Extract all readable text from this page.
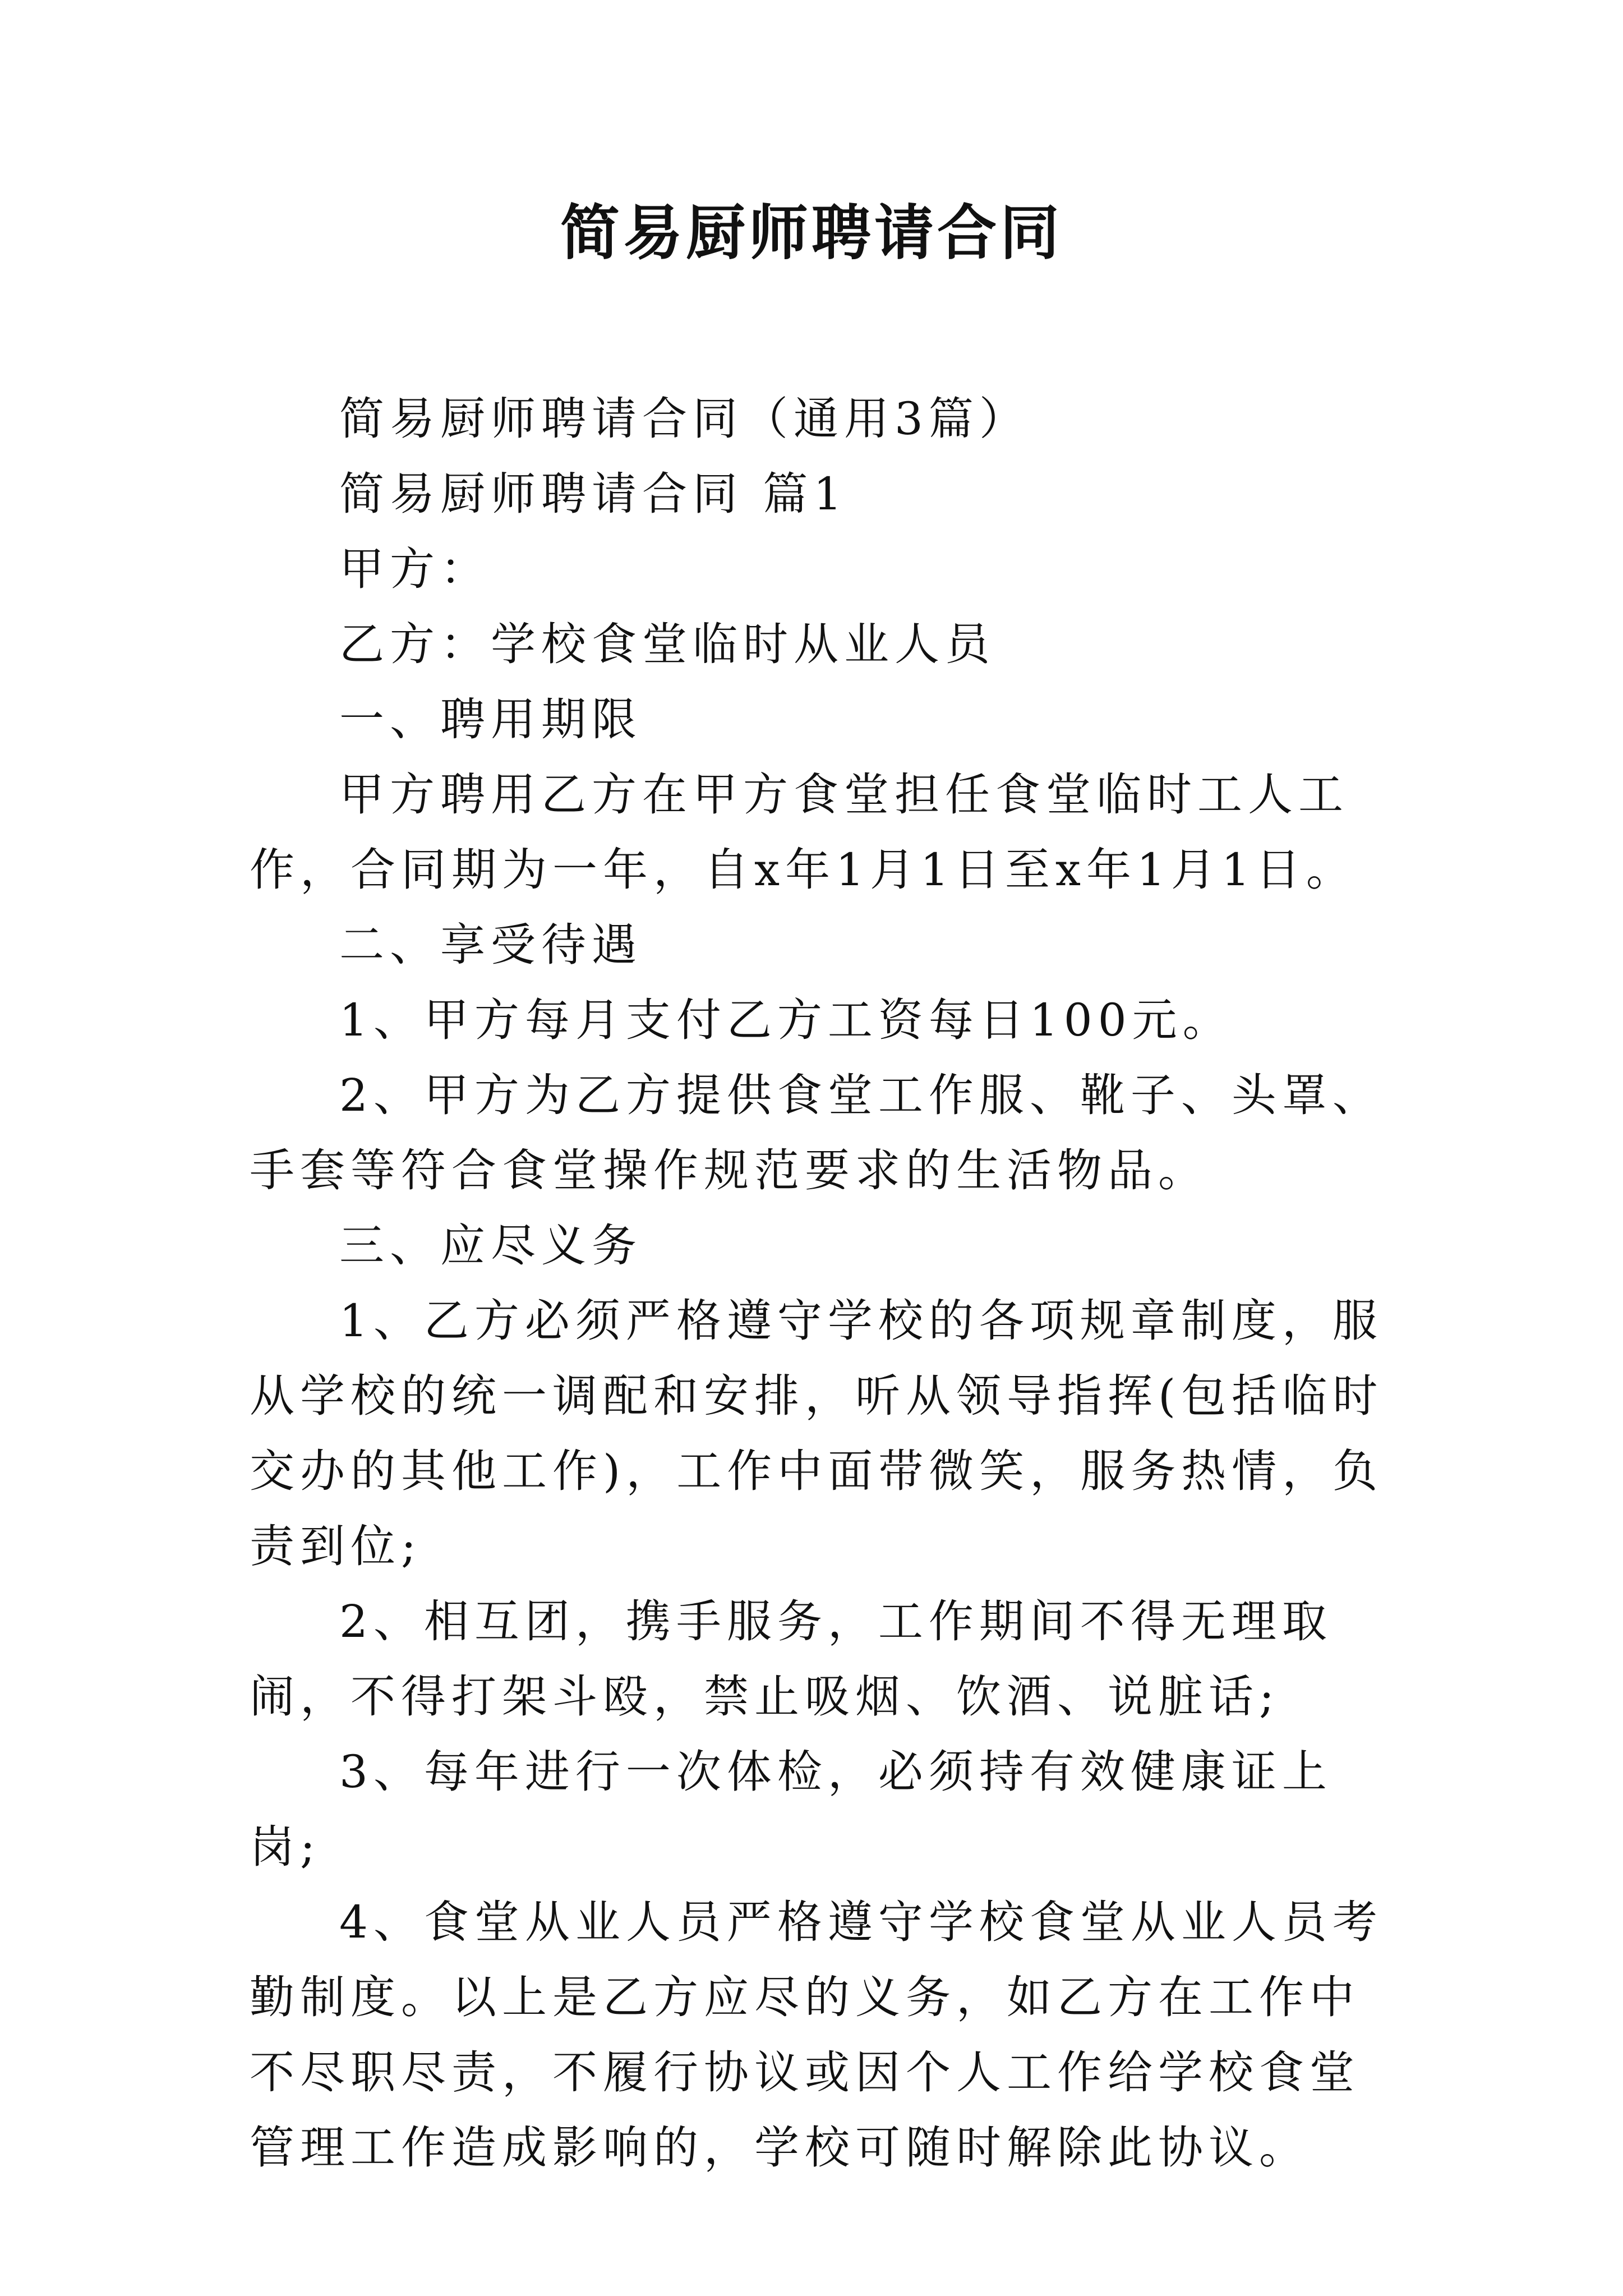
简易厨师聘请合同

简易厨师聘请合同（通用3篇）

简易厨师聘请合同 篇1

甲方：

乙方：学校食堂临时从业人员

一、聘用期限

甲方聘用乙方在甲方食堂担任食堂临时工人工作，合同期为一年，自x年1月1日至x年1月1日。

二、享受待遇

1、甲方每月支付乙方工资每日100元。

2、甲方为乙方提供食堂工作服、靴子、头罩、手套等符合食堂操作规范要求的生活物品。

三、应尽义务

1、乙方必须严格遵守学校的各项规章制度，服从学校的统一调配和安排，听从领导指挥(包括临时交办的其他工作)，工作中面带微笑，服务热情，负责到位;

2、相互团，携手服务，工作期间不得无理取闹，不得打架斗殴，禁止吸烟、饮酒、说脏话;

3、每年进行一次体检，必须持有效健康证上岗;

4、食堂从业人员严格遵守学校食堂从业人员考勤制度。以上是乙方应尽的义务，如乙方在工作中不尽职尽责，不履行协议或因个人工作给学校食堂管理工作造成影响的，学校可随时解除此协议。
